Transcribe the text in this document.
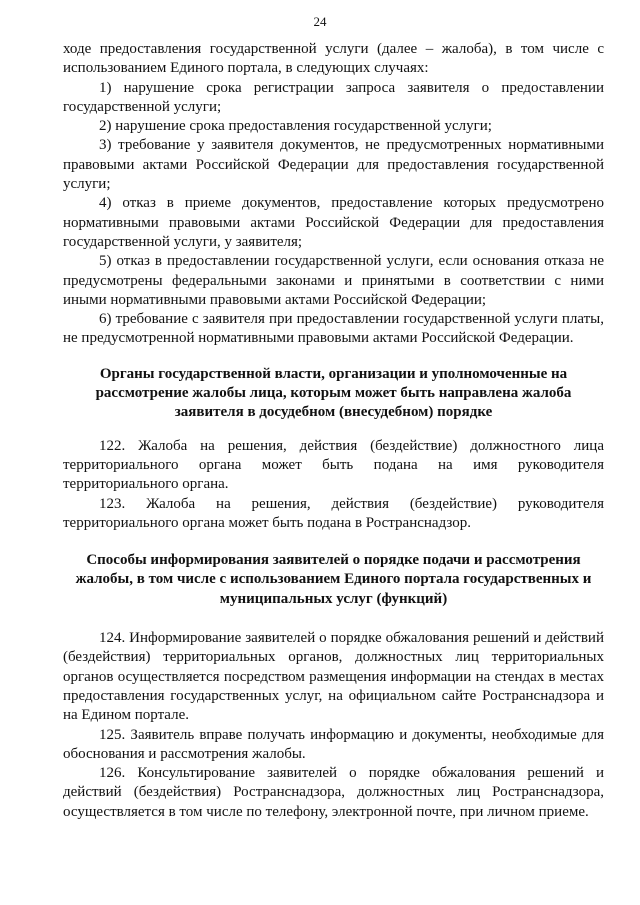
24

ходе предоставления государственной услуги (далее – жалоба), в том числе с использованием Единого портала, в следующих случаях:

1) нарушение срока регистрации запроса заявителя о предоставлении государственной услуги;

2) нарушение срока предоставления государственной услуги;

3) требование у заявителя документов, не предусмотренных нормативными правовыми актами Российской Федерации для предоставления государственной услуги;

4) отказ в приеме документов, предоставление которых предусмотрено нормативными правовыми актами Российской Федерации для предоставления государственной услуги, у заявителя;

5) отказ в предоставлении государственной услуги, если основания отказа не предусмотрены федеральными законами и принятыми в соответствии с ними иными нормативными правовыми актами Российской Федерации;

6) требование с заявителя при предоставлении государственной услуги платы, не предусмотренной нормативными правовыми актами Российской Федерации.

Органы государственной власти, организации и уполномоченные на рассмотрение жалобы лица, которым может быть направлена жалоба заявителя в досудебном (внесудебном) порядке

122. Жалоба на решения, действия (бездействие) должностного лица территориального органа может быть подана на имя руководителя территориального органа.

123. Жалоба на решения, действия (бездействие) руководителя территориального органа может быть подана в Ространснадзор.

Способы информирования заявителей о порядке подачи и рассмотрения жалобы, в том числе с использованием Единого портала государственных и муниципальных услуг (функций)

124. Информирование заявителей о порядке обжалования решений и действий (бездействия) территориальных органов, должностных лиц территориальных органов осуществляется посредством размещения информации на стендах в местах предоставления государственных услуг, на официальном сайте Ространснадзора и на Едином портале.

125. Заявитель вправе получать информацию и документы, необходимые для обоснования и рассмотрения жалобы.

126. Консультирование заявителей о порядке обжалования решений и действий (бездействия) Ространснадзора, должностных лиц Ространснадзора, осуществляется в том числе по телефону, электронной почте, при личном приеме.
